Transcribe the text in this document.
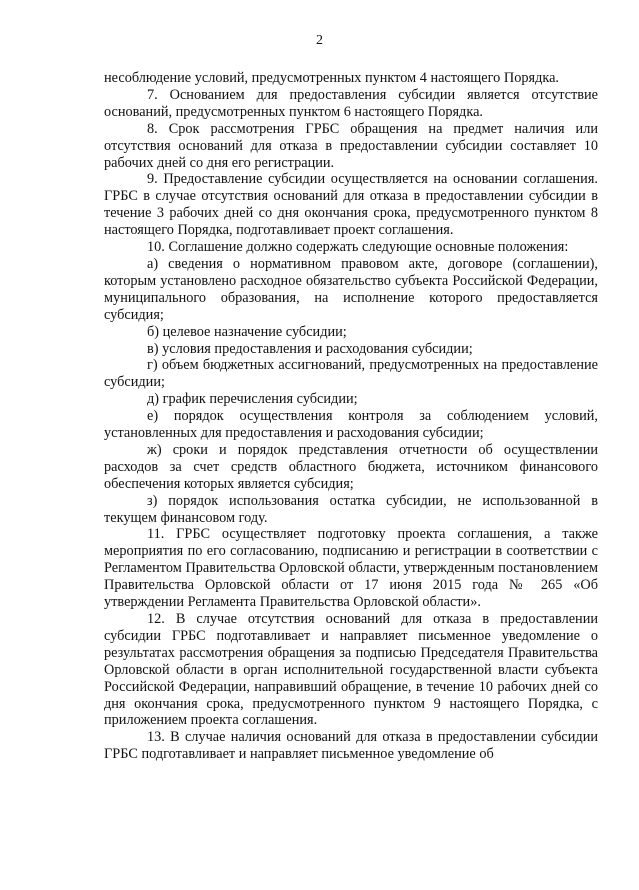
2

несоблюдение условий, предусмотренных пунктом 4 настоящего Порядка.

7. Основанием для предоставления субсидии является отсутствие оснований, предусмотренных пунктом 6 настоящего Порядка.

8. Срок рассмотрения ГРБС обращения на предмет наличия или отсутствия оснований для отказа в предоставлении субсидии составляет 10 рабочих дней со дня его регистрации.

9. Предоставление субсидии осуществляется на основании соглашения. ГРБС в случае отсутствия оснований для отказа в предоставлении субсидии в течение 3 рабочих дней со дня окончания срока, предусмотренного пунктом 8 настоящего Порядка, подготавливает проект соглашения.

10. Соглашение должно содержать следующие основные положения:

а) сведения о нормативном правовом акте, договоре (соглашении), которым установлено расходное обязательство субъекта Российской Федерации, муниципального образования, на исполнение которого предоставляется субсидия;

б) целевое назначение субсидии;

в) условия предоставления и расходования субсидии;

г) объем бюджетных ассигнований, предусмотренных на предоставление субсидии;

д) график перечисления субсидии;

е) порядок осуществления контроля за соблюдением условий, установленных для предоставления и расходования субсидии;

ж) сроки и порядок представления отчетности об осуществлении расходов за счет средств областного бюджета, источником финансового обеспечения которых является субсидия;

з) порядок использования остатка субсидии, не использованной в текущем финансовом году.

11. ГРБС осуществляет подготовку проекта соглашения, а также мероприятия по его согласованию, подписанию и регистрации в соответствии с Регламентом Правительства Орловской области, утвержденным постановлением Правительства Орловской области от 17 июня 2015 года № 265 «Об утверждении Регламента Правительства Орловской области».

12. В случае отсутствия оснований для отказа в предоставлении субсидии ГРБС подготавливает и направляет письменное уведомление о результатах рассмотрения обращения за подписью Председателя Правительства Орловской области в орган исполнительной государственной власти субъекта Российской Федерации, направивший обращение, в течение 10 рабочих дней со дня окончания срока, предусмотренного пунктом 9 настоящего Порядка, с приложением проекта соглашения.

13. В случае наличия оснований для отказа в предоставлении субсидии ГРБС подготавливает и направляет письменное уведомление об
